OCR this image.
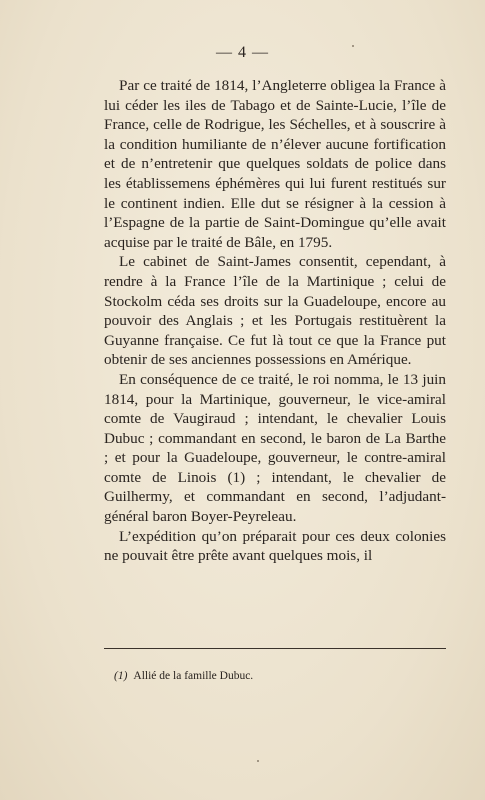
— 4 —

Par ce traité de 1814, l’Angleterre obligea la France à lui céder les iles de Tabago et de Sainte-Lucie, l’île de France, celle de Rodrigue, les Séchelles, et à souscrire à la condition humiliante de n’élever aucune fortification et de n’entretenir que quelques soldats de police dans les établissemens éphémères qui lui furent restitués sur le continent indien. Elle dut se résigner à la cession à l’Espagne de la partie de Saint-Domingue qu’elle avait acquise par le traité de Bâle, en 1795.

Le cabinet de Saint-James consentit, cependant, à rendre à la France l’île de la Martinique ; celui de Stockolm céda ses droits sur la Guadeloupe, encore au pouvoir des Anglais ; et les Portugais restituèrent la Guyanne française. Ce fut là tout ce que la France put obtenir de ses anciennes possessions en Amérique.

En conséquence de ce traité, le roi nomma, le 13 juin 1814, pour la Martinique, gouverneur, le vice-amiral comte de Vaugiraud ; intendant, le chevalier Louis Dubuc ; commandant en second, le baron de La Barthe ; et pour la Guadeloupe, gouverneur, le contre-amiral comte de Linois (1) ; intendant, le chevalier de Guilhermy, et commandant en second, l’adjudant-général baron Boyer-Peyreleau.

L’expédition qu’on préparait pour ces deux colonies ne pouvait être prête avant quelques mois, il

(1) Allié de la famille Dubuc.
